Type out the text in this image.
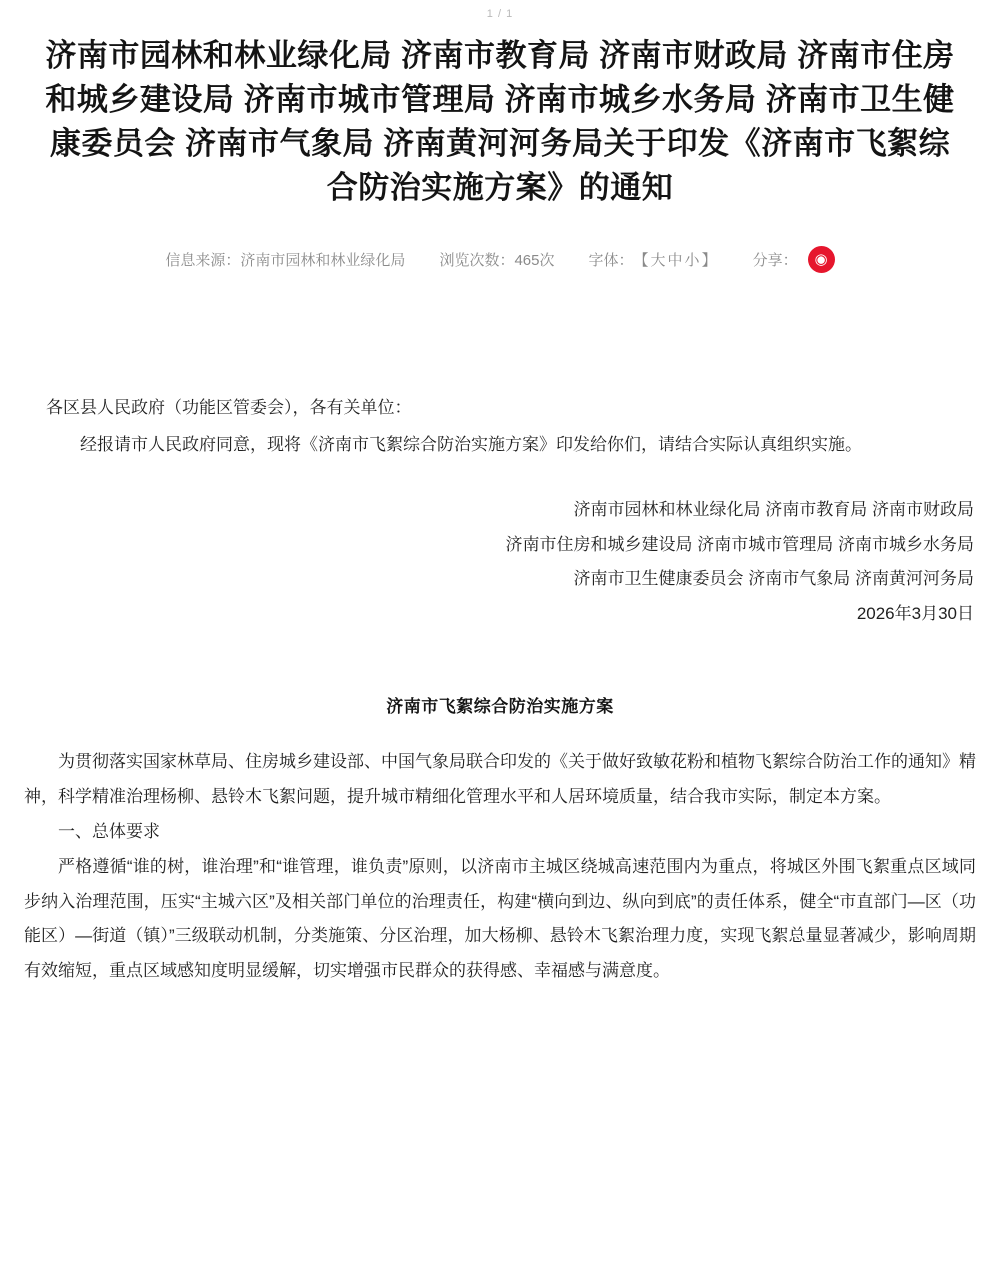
1 / 1
济南市园林和林业绿化局 济南市教育局 济南市财政局 济南市住房和城乡建设局 济南市城市管理局 济南市城乡水务局 济南市卫生健康委员会 济南市气象局 济南黄河河务局关于印发《济南市飞絮综合防治实施方案》的通知
信息来源： 济南市园林和林业绿化局 浏览次数： 465次 字体： 【大中小】 分享：	◉

各区县人民政府（功能区管委会），各有关单位：

经报请市人民政府同意，现将《济南市飞絮综合防治实施方案》印发给你们，请结合实际认真组织实施。

济南市园林和林业绿化局 济南市教育局 济南市财政局
济南市住房和城乡建设局 济南市城市管理局 济南市城乡水务局
济南市卫生健康委员会 济南市气象局 济南黄河河务局
2026年3月30日
济南市飞絮综合防治实施方案

为贯彻落实国家林草局、住房城乡建设部、中国气象局联合印发的《关于做好致敏花粉和植物飞絮综合防治工作的通知》精神，科学精准治理杨柳、悬铃木飞絮问题，提升城市精细化管理水平和人居环境质量，结合我市实际，制定本方案。

一、总体要求

严格遵循“谁的树，谁治理”和“谁管理，谁负责”原则，以济南市主城区绕城高速范围内为重点，将城区外围飞絮重点区域同步纳入治理范围，压实“主城六区”及相关部门单位的治理责任，构建“横向到边、纵向到底”的责任体系，健全“市直部门—区（功能区）—街道（镇）”三级联动机制，分类施策、分区治理，加大杨柳、悬铃木飞絮治理力度，实现飞絮总量显著减少，影响周期有效缩短，重点区域感知度明显缓解，切实增强市民群众的获得感、幸福感与满意度。
